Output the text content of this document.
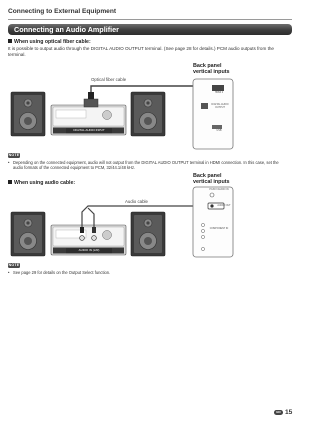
Connecting to External Equipment
Connecting an Audio Amplifier
When using optical fiber cable:
It is possible to output audio through the DIGITAL AUDIO OUTPUT terminal. (See page 28 for details.) PCM audio outputs from the terminal.
Back panel
vertical inputs
Optical fiber cable
DIGITAL AUDIO INPUT
HDMI 2
DIGITAL AUDIO OUTPUT
USB
NOTE
• Depending on the connected equipment, audio will not output from the DIGITAL AUDIO OUTPUT terminal in HDMI connection. In this case, set the audio formats of the connected equipment to PCM, 32/44.1/48 kHz.
When using audio cable:
Back panel
vertical inputs
Audio cable
AUDIO IN (L/R)
PC/DVI AUDIO IN
AUDIO OUT
COMPONENT IN
NOTE
• See page 29 for details on the Output Select function.
EN 15
